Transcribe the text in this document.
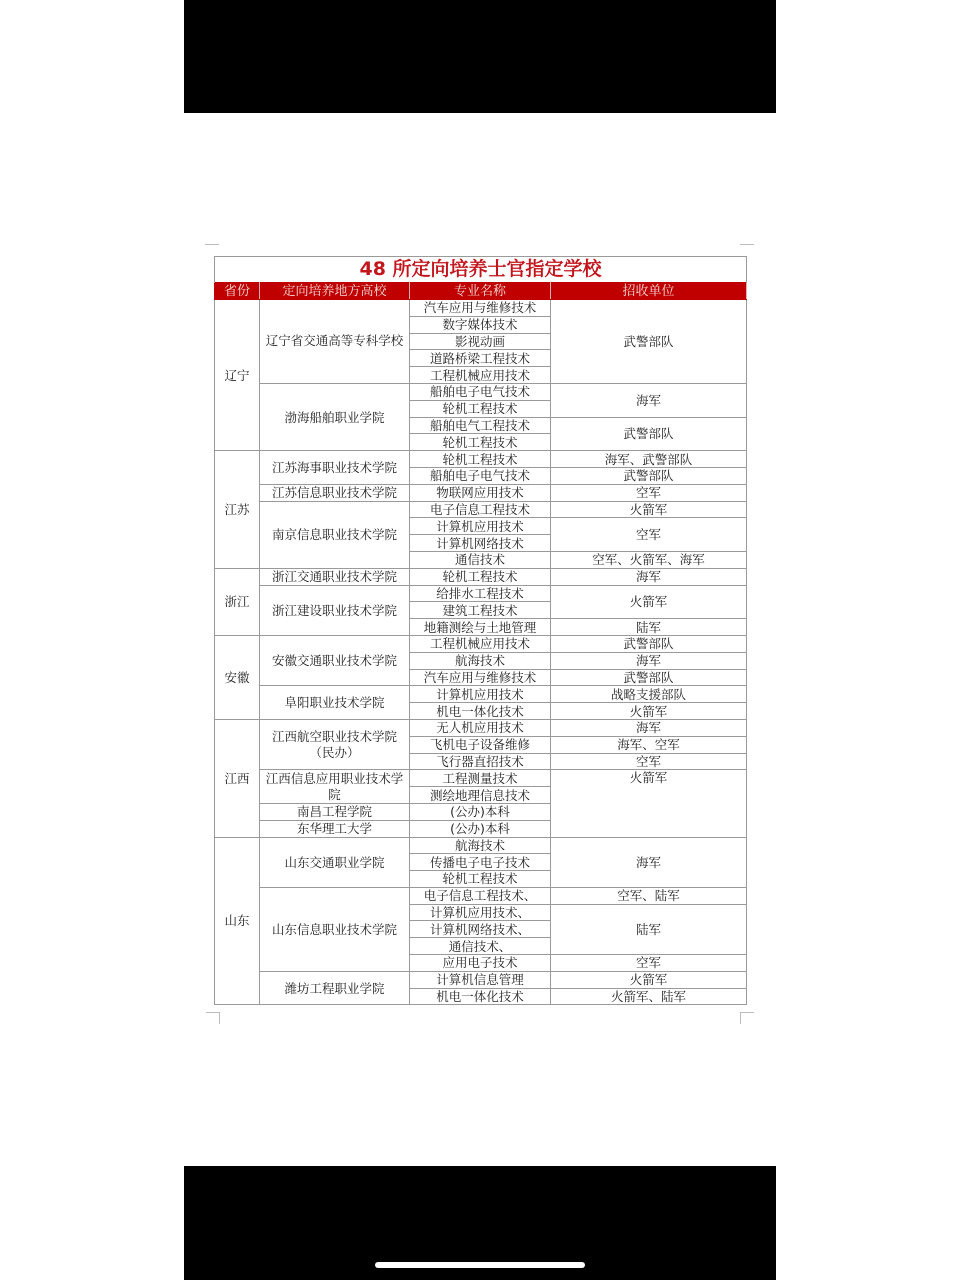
48 所定向培养士官指定学校			
省份	定向培养地方高校	专业名称	招收单位
辽宁	辽宁省交通高等专科学校	汽车应用与维修技术	武警部队
		数字媒体技术	
		影视动画	
		道路桥梁工程技术	
		工程机械应用技术	
	渤海船舶职业学院	船舶电子电气技术	海军
		轮机工程技术	
		船舶电气工程技术	武警部队
		轮机工程技术	
江苏	江苏海事职业技术学院	轮机工程技术	海军、武警部队
		船舶电子电气技术	武警部队
	江苏信息职业技术学院	物联网应用技术	空军
	南京信息职业技术学院	电子信息工程技术	火箭军
		计算机应用技术	空军
		计算机网络技术	
		通信技术	空军、火箭军、海军
浙江	浙江交通职业技术学院	轮机工程技术	海军
	浙江建设职业技术学院	给排水工程技术	火箭军
		建筑工程技术	
		地籍测绘与土地管理	陆军
安徽	安徽交通职业技术学院	工程机械应用技术	武警部队
		航海技术	海军
		汽车应用与维修技术	武警部队
	阜阳职业技术学院	计算机应用技术	战略支援部队
		机电一体化技术	火箭军
江西	江西航空职业技术学院（民办）	无人机应用技术	海军
		飞机电子设备维修	海军、空军
		飞行器直招技术	空军
	江西信息应用职业技术学院	工程测量技术	火箭军
		测绘地理信息技术	
	南昌工程学院	(公办)本科	
	东华理工大学	(公办)本科	
山东	山东交通职业学院	航海技术	海军
		传播电子电子技术	
		轮机工程技术	
	山东信息职业技术学院	电子信息工程技术、	空军、陆军
		计算机应用技术、	陆军
		计算机网络技术、	
		通信技术、	
		应用电子技术	空军
	潍坊工程职业学院	计算机信息管理	火箭军
		机电一体化技术	火箭军、陆军
